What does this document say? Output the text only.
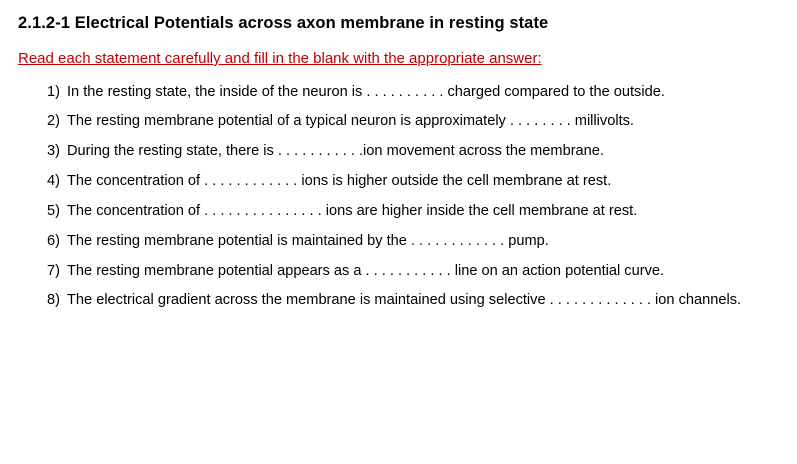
2.1.2-1 Electrical Potentials across axon membrane in resting state

Read each statement carefully and fill in the blank with the appropriate answer:

1) In the resting state, the inside of the neuron is . . . . . . . . . . charged compared to the outside.
2) The resting membrane potential of a typical neuron is approximately . . . . . . . . millivolts.
3) During the resting state, there is . . . . . . . . . . .ion movement across the membrane.
4) The concentration of . . . . . . . . . . . . ions is higher outside the cell membrane at rest.
5) The concentration of . . . . . . . . . . . . . . . ions are higher inside the cell membrane at rest.
6) The resting membrane potential is maintained by the . . . . . . . . . . . . pump.
7) The resting membrane potential appears as a . . . . . . . . . . . line on an action potential curve.
8) The electrical gradient across the membrane is maintained using selective . . . . . . . . . . . . . ion channels.
